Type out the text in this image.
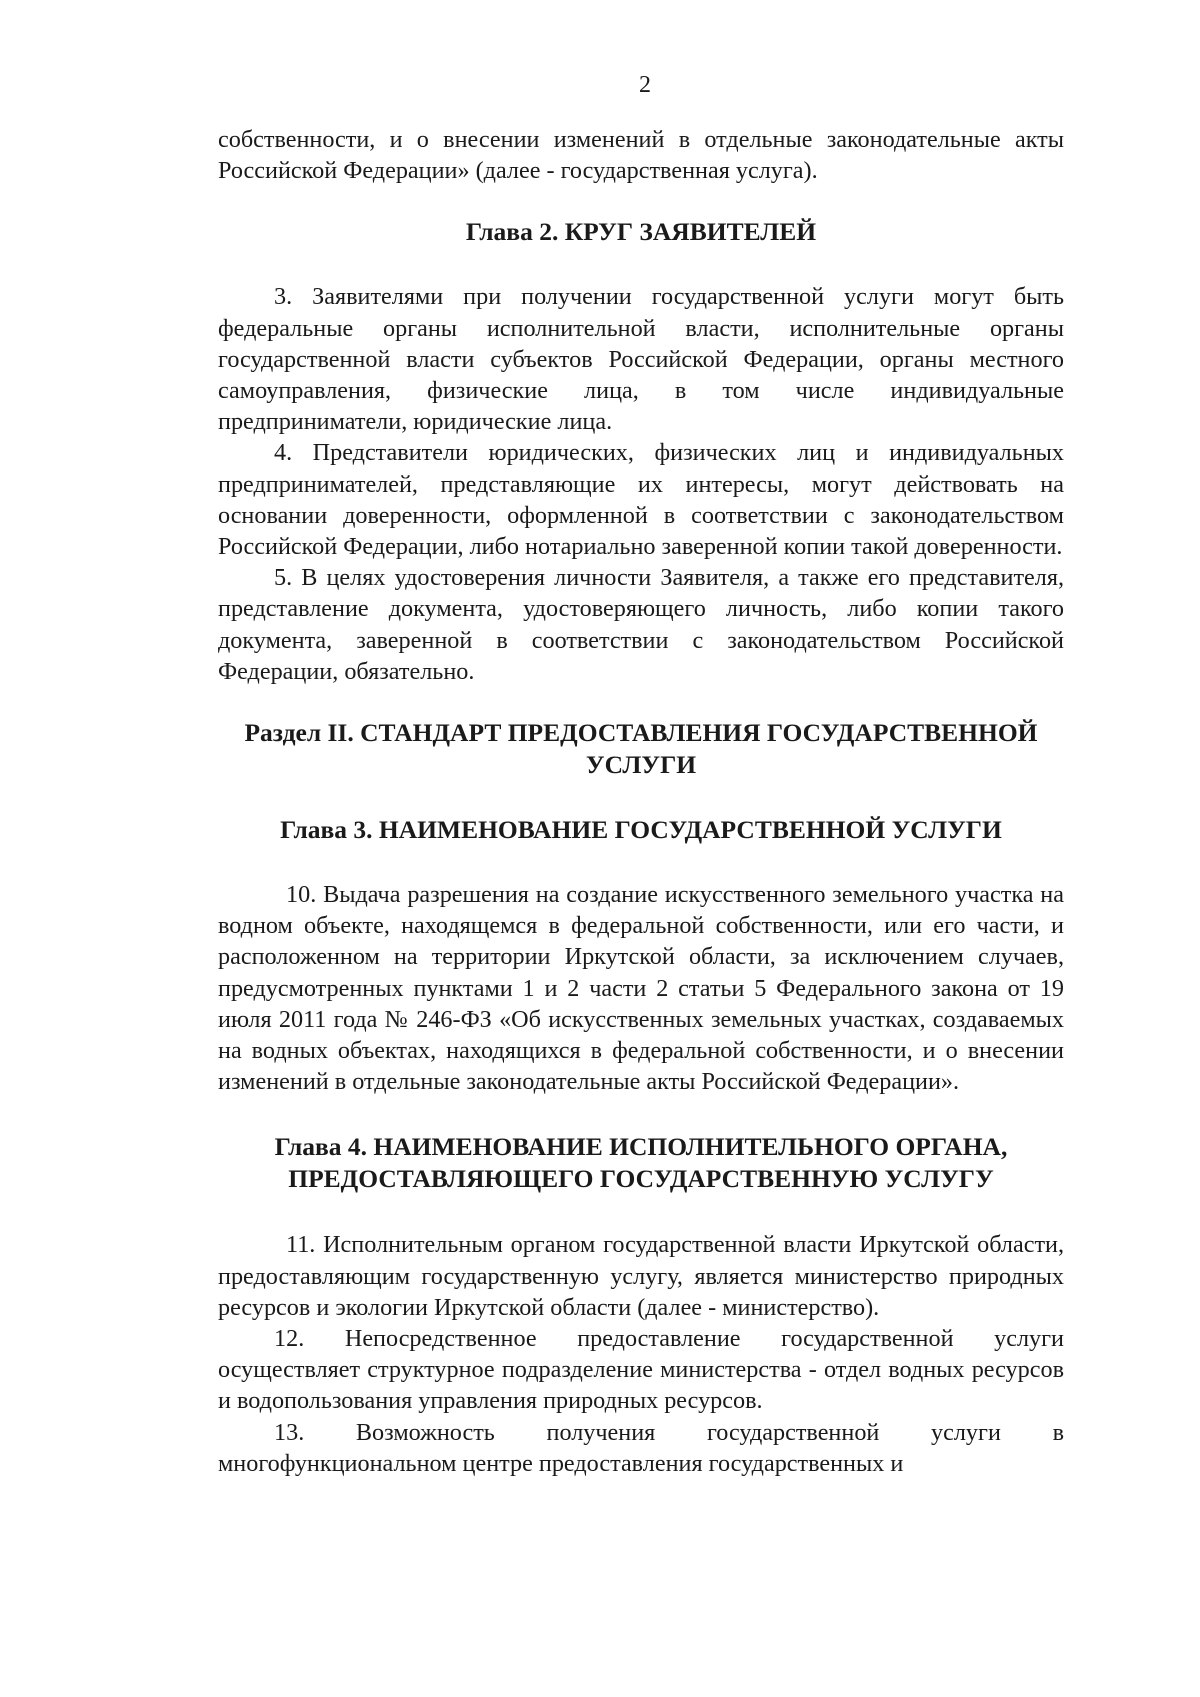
2

собственности, и о внесении изменений в отдельные законодательные акты Российской Федерации» (далее - государственная услуга).

Глава 2. КРУГ ЗАЯВИТЕЛЕЙ

3. Заявителями при получении государственной услуги могут быть федеральные органы исполнительной власти, исполнительные органы государственной власти субъектов Российской Федерации, органы местного самоуправления, физические лица, в том числе индивидуальные предприниматели, юридические лица.

4. Представители юридических, физических лиц и индивидуальных предпринимателей, представляющие их интересы, могут действовать на основании доверенности, оформленной в соответствии с законодательством Российской Федерации, либо нотариально заверенной копии такой доверенности.

5. В целях удостоверения личности Заявителя, а также его представителя, представление документа, удостоверяющего личность, либо копии такого документа, заверенной в соответствии с законодательством Российской Федерации, обязательно.

Раздел II. СТАНДАРТ ПРЕДОСТАВЛЕНИЯ ГОСУДАРСТВЕННОЙ
УСЛУГИ
Глава 3. НАИМЕНОВАНИЕ ГОСУДАРСТВЕННОЙ УСЛУГИ

10. Выдача разрешения на создание искусственного земельного участка на водном объекте, находящемся в федеральной собственности, или его части, и расположенном на территории Иркутской области, за исключением случаев, предусмотренных пунктами 1 и 2 части 2 статьи 5 Федерального закона от 19 июля 2011 года № 246-ФЗ «Об искусственных земельных участках, создаваемых на водных объектах, находящихся в федеральной собственности, и о внесении изменений в отдельные законодательные акты Российской Федерации».

Глава 4. НАИМЕНОВАНИЕ ИСПОЛНИТЕЛЬНОГО ОРГАНА,
ПРЕДОСТАВЛЯЮЩЕГО ГОСУДАРСТВЕННУЮ УСЛУГУ

11. Исполнительным органом государственной власти Иркутской области, предоставляющим государственную услугу, является министерство природных ресурсов и экологии Иркутской области (далее - министерство).

12. Непосредственное предоставление государственной услуги осуществляет структурное подразделение министерства - отдел водных ресурсов и водопользования управления природных ресурсов.

13. Возможность получения государственной услуги в многофункциональном центре предоставления государственных и
